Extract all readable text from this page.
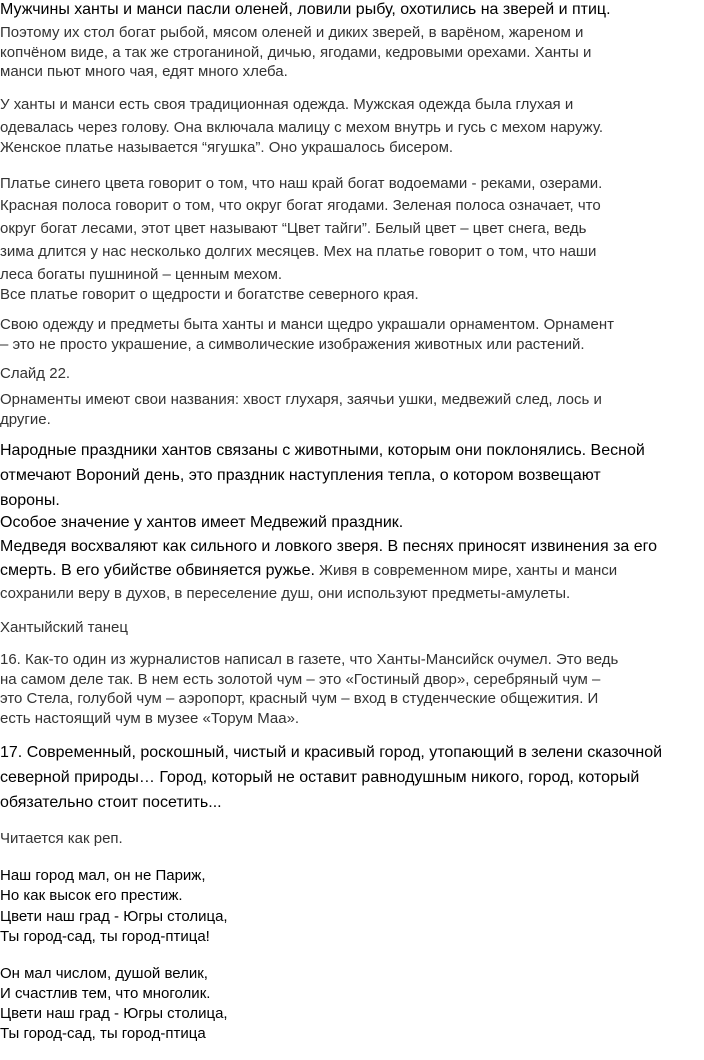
Мужчины ханты и манси пасли оленей, ловили рыбу, охотились на зверей и птиц.
Поэтому их стол богат рыбой, мясом оленей и диких зверей, в варёном, жареном и
копчёном виде, а так же строганиной, дичью, ягодами, кедровыми орехами. Ханты и
манси пьют много чая, едят много хлеба.
У ханты и манси есть своя традиционная одежда. Мужская одежда была глухая и
одевалась через голову. Она включала малицу с мехом внутрь и гусь с мехом наружу.
Женское платье называется “ягушка”. Оно украшалось бисером.
Платье синего цвета говорит о том, что наш край богат водоемами - реками, озерами.
Красная полоса говорит о том, что округ богат ягодами. Зеленая полоса означает, что
округ богат лесами, этот цвет называют “Цвет тайги”. Белый цвет – цвет снега, ведь
зима длится у нас несколько долгих месяцев. Мех на платье говорит о том, что наши
леса богаты пушниной – ценным мехом.
Все платье говорит о щедрости и богатстве северного края.
Свою одежду и предметы быта ханты и манси щедро украшали орнаментом. Орнамент
– это не просто украшение, а символические изображения животных или растений.
Слайд 22.
Орнаменты имеют свои названия: хвост глухаря, заячьи ушки, медвежий след, лось и
другие.
Народные праздники хантов связаны с животными, которым они поклонялись. Весной
отмечают Вороний день, это праздник наступления тепла, о котором возвещают
вороны.
Особое значение у хантов имеет Медвежий праздник.
Медведя восхваляют как сильного и ловкого зверя. В песнях приносят извинения за его
смерть. В его убийстве обвиняется ружье. Живя в современном мире, ханты и манси
сохранили веру в духов, в переселение душ, они используют предметы-амулеты.
Хантыйский танец
16. Как-то один из журналистов написал в газете, что Ханты-Мансийск очумел. Это ведь
на самом деле так. В нем есть золотой чум – это «Гостиный двор», серебряный чум –
это Стела, голубой чум – аэропорт, красный чум – вход в студенческие общежития. И
есть настоящий чум в музее «Торум Маа».
17. Современный, роскошный, чистый и красивый город, утопающий в зелени сказочной
северной природы… Город, который не оставит равнодушным никого, город, который
обязательно стоит посетить...
Читается как реп.
Наш город мал, он не Париж,
Но как высок его престиж.
Цвети наш град - Югры столица,
Ты город-сад, ты город-птица!
Он мал числом, душой велик,
И счастлив тем, что многолик.
Цвети наш град - Югры столица,
Ты город-сад, ты город-птица
